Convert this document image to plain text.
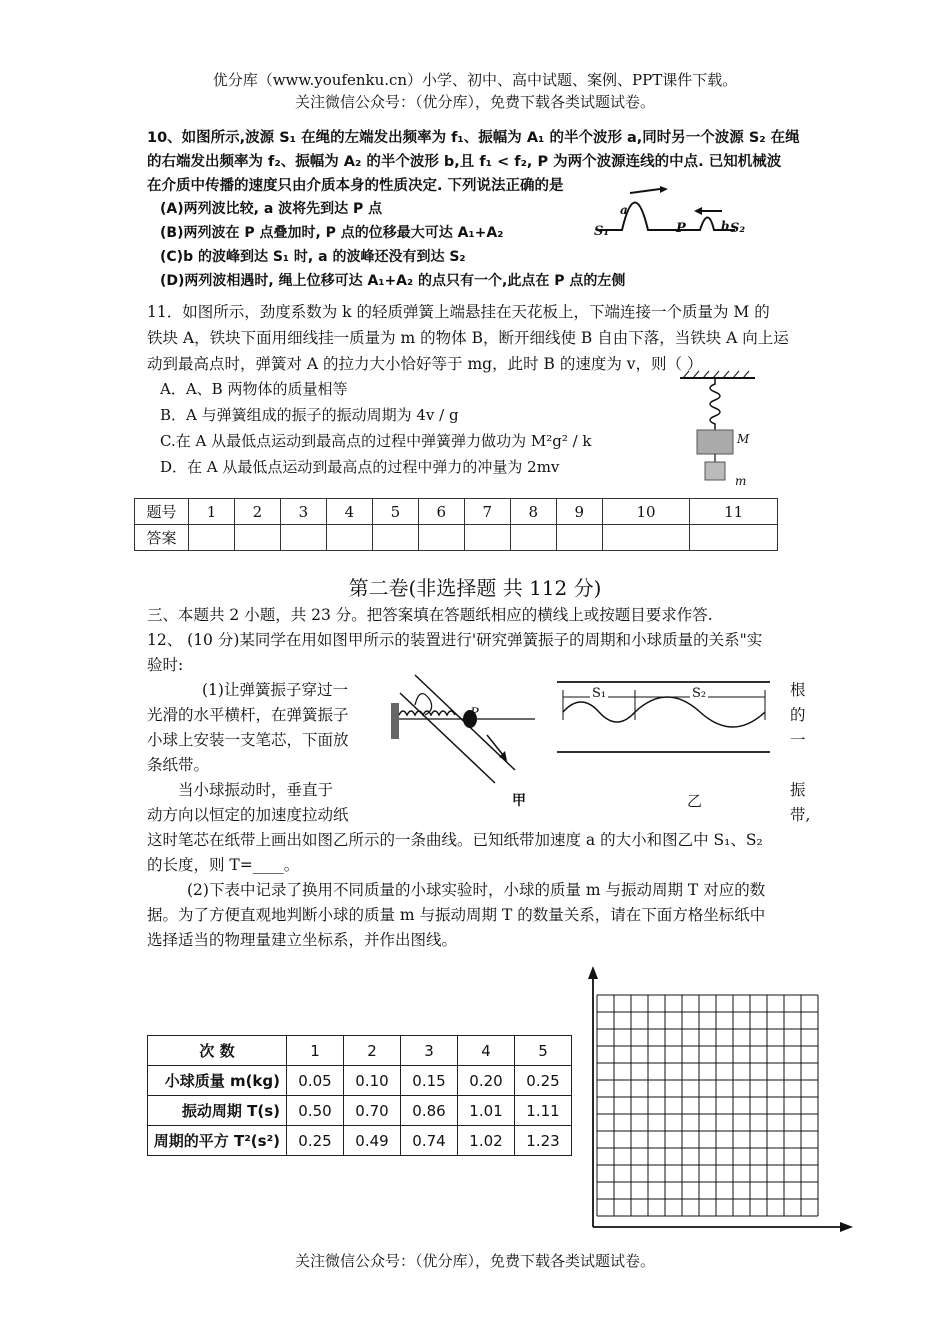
优分库（www.youfenku.cn）小学、初中、高中试题、案例、PPT课件下载。
关注微信公众号：（优分库），免费下载各类试题试卷。
10、如图所示,波源 S₁ 在绳的左端发出频率为 f₁、振幅为 A₁ 的半个波形 a,同时另一个波源 S₂ 在绳
的右端发出频率为 f₂、振幅为 A₂ 的半个波形 b,且 f₁ < f₂, P 为两个波源连线的中点. 已知机械波
在介质中传播的速度只由介质本身的性质决定. 下列说法正确的是
(A)两列波比较, a 波将先到达 P 点
(B)两列波在 P 点叠加时, P 点的位移最大可达 A₁+A₂
(C)b 的波峰到达 S₁ 时, a 的波峰还没有到达 S₂
(D)两列波相遇时, 绳上位移可达 A₁+A₂ 的点只有一个,此点在 P 点的左侧
S₁
a
P	b S₂
11．如图所示，劲度系数为 k 的轻质弹簧上端悬挂在天花板上，下端连接一个质量为 M 的
铁块 A，铁块下面用细线挂一质量为 m 的物体 B，断开细线使 B 自由下落，当铁块 A 向上运
动到最高点时，弹簧对 A 的拉力大小恰好等于 mg，此时 B 的速度为 v，则（ ）
A．A、B 两物体的质量相等
B．A 与弹簧组成的振子的振动周期为 4v / g
C.在 A 从最低点运动到最高点的过程中弹簧弹力做功为 M²g² / k
D．在 A 从最低点运动到最高点的过程中弹力的冲量为 2mv
M
m
题号	1	2	3	4	5	6	7	8	9	10	11
答案											
第二卷(非选择题 共 112 分)
三、本题共 2 小题，共 23 分。把答案填在答题纸相应的横线上或按题目要求作答.
12、 (10 分)某同学在用如图甲所示的装置进行'研究弹簧振子的周期和小球质量的关系"实
验时:
(1)让弹簧振子穿过一
光滑的水平横杆，在弹簧振子
小球上安装一支笔芯，下面放
条纸带。
根
的
一
当小球振动时，垂直于
动方向以恒定的加速度拉动纸
振
带,
这时笔芯在纸带上画出如图乙所示的一条曲线。已知纸带加速度 a 的大小和图乙中 S₁、S₂
的长度，则 T=____。
P
甲
S₁	S₂
乙
(2)下表中记录了换用不同质量的小球实验时，小球的质量 m 与振动周期 T 对应的数
据。为了方便直观地判断小球的质量 m 与振动周期 T 的数量关系，请在下面方格坐标纸中
选择适当的物理量建立坐标系，并作出图线。
次 数	1	2	3	4	5
小球质量 m(kg)	0.05	0.10	0.15	0.20	0.25
振动周期 T(s)	0.50	0.70	0.86	1.01	1.11
周期的平方 T²(s²)	0.25	0.49	0.74	1.02	1.23
关注微信公众号：（优分库），免费下载各类试题试卷。
